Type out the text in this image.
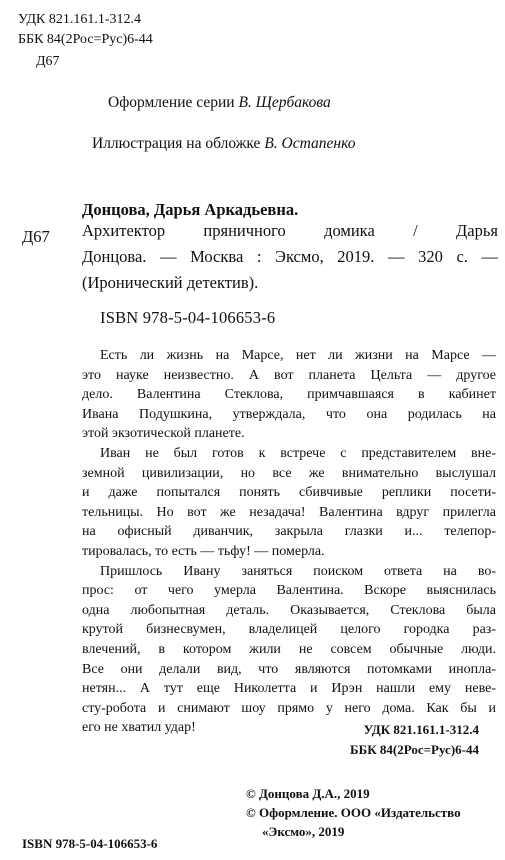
УДК 821.161.1-312.4
ББК 84(2Рос=Рус)6-44
Д67
Оформление серии В. Щербакова
Иллюстрация на обложке В. Остапенко
Донцова, Дарья Аркадьевна.
Д67 Архитектор пряничного домика / Дарья
Донцова. — Москва : Эксмо, 2019. — 320 с. —
(Иронический детектив).
ISBN 978-5-04-106653-6

Есть ли жизнь на Марсе, нет ли жизни на Марсе —
это науке неизвестно. А вот планета Цельта — другое
дело. Валентина Стеклова, примчавшаяся в кабинет
Ивана Подушкина, утверждала, что она родилась на
этой экзотической планете.

Иван не был готов к встрече с представителем вне-
земной цивилизации, но все же внимательно выслушал
и даже попытался понять сбивчивые реплики посети-
тельницы. Но вот же незадача! Валентина вдруг прилегла
на офисный диванчик, закрыла глазки и... телепор-
тировалась, то есть — тьфу! — померла.

Пришлось Ивану заняться поиском ответа на во-
прос: от чего умерла Валентина. Вскоре выяснилась
одна любопытная деталь. Оказывается, Стеклова была
крутой бизнесвумен, владелицей целого городка раз-
влечений, в котором жили не совсем обычные люди.
Все они делали вид, что являются потомками инопла-
нетян... А тут еще Николетта и Ирэн нашли ему неве-
сту-робота и снимают шоу прямо у него дома. Как бы и
его не хватил удар!	УДК 821.161.1-312.4
ББК 84(2Рос=Рус)6-44
© Донцова Д.А., 2019
© Оформление. ООО «Издательство
«Эксмо», 2019
ISBN 978-5-04-106653-6
